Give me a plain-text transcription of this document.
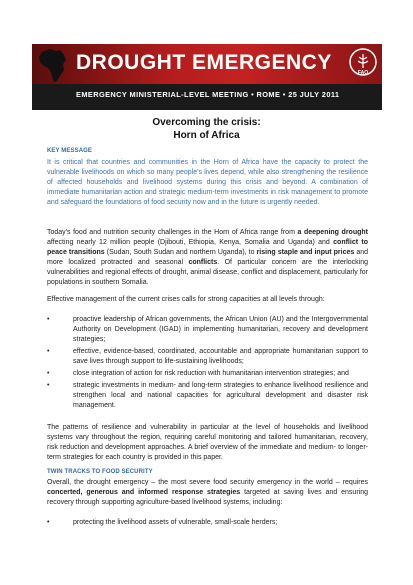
DROUGHT EMERGENCY
EMERGENCY MINISTERIAL-LEVEL MEETING • ROME • 25 JULY 2011
FAO
Overcoming the crisis:
Horn of Africa
KEY MESSAGE

It is critical that countries and communities in the Horn of Africa have the capacity to protect the vulnerable livelihoods on which so many people's lives depend, while also strengthening the resilience of affected households and livelihood systems during this crisis and beyond. A combination of immediate humanitarian action and strategic medium-term investments in risk management to promote and safeguard the foundations of food security now and in the future is urgently needed.

Today's food and nutrition security challenges in the Horn of Africa range from a deepening drought affecting nearly 12 million people (Djibouti, Ethiopia, Kenya, Somalia and Uganda) and conflict to peace transitions (Sudan, South Sudan and northern Uganda), to rising staple and input prices and more localized protracted and seasonal conflicts. Of particular concern are the interlocking vulnerabilities and regional effects of drought, animal disease, conflict and displacement, particularly for populations in southern Somalia.

Effective management of the current crises calls for strong capacities at all levels through:

•	proactive leadership of African governments, the African Union (AU) and the Intergovernmental Authority on Development (IGAD) in implementing humanitarian, recovery and development strategies;
•	effective, evidence-based, coordinated, accountable and appropriate humanitarian support to save lives through support to life-sustaining livelihoods;
•	close integration of action for risk reduction with humanitarian intervention strategies; and
•	strategic investments in medium- and long-term strategies to enhance livelihood resilience and strengthen local and national capacities for agricultural development and disaster risk management.

The patterns of resilience and vulnerability in particular at the level of households and livelihood systems vary throughout the region, requiring careful monitoring and tailored humanitarian, recovery, risk reduction and development approaches. A brief overview of the immediate and medium- to longer-term strategies for each country is provided in this paper.

TWIN TRACKS TO FOOD SECURITY

Overall, the drought emergency – the most severe food security emergency in the world – requires concerted, generous and informed response strategies targeted at saving lives and ensuring recovery through supporting agriculture-based livelihood systems, including:

•	protecting the livelihood assets of vulnerable, small-scale herders;
